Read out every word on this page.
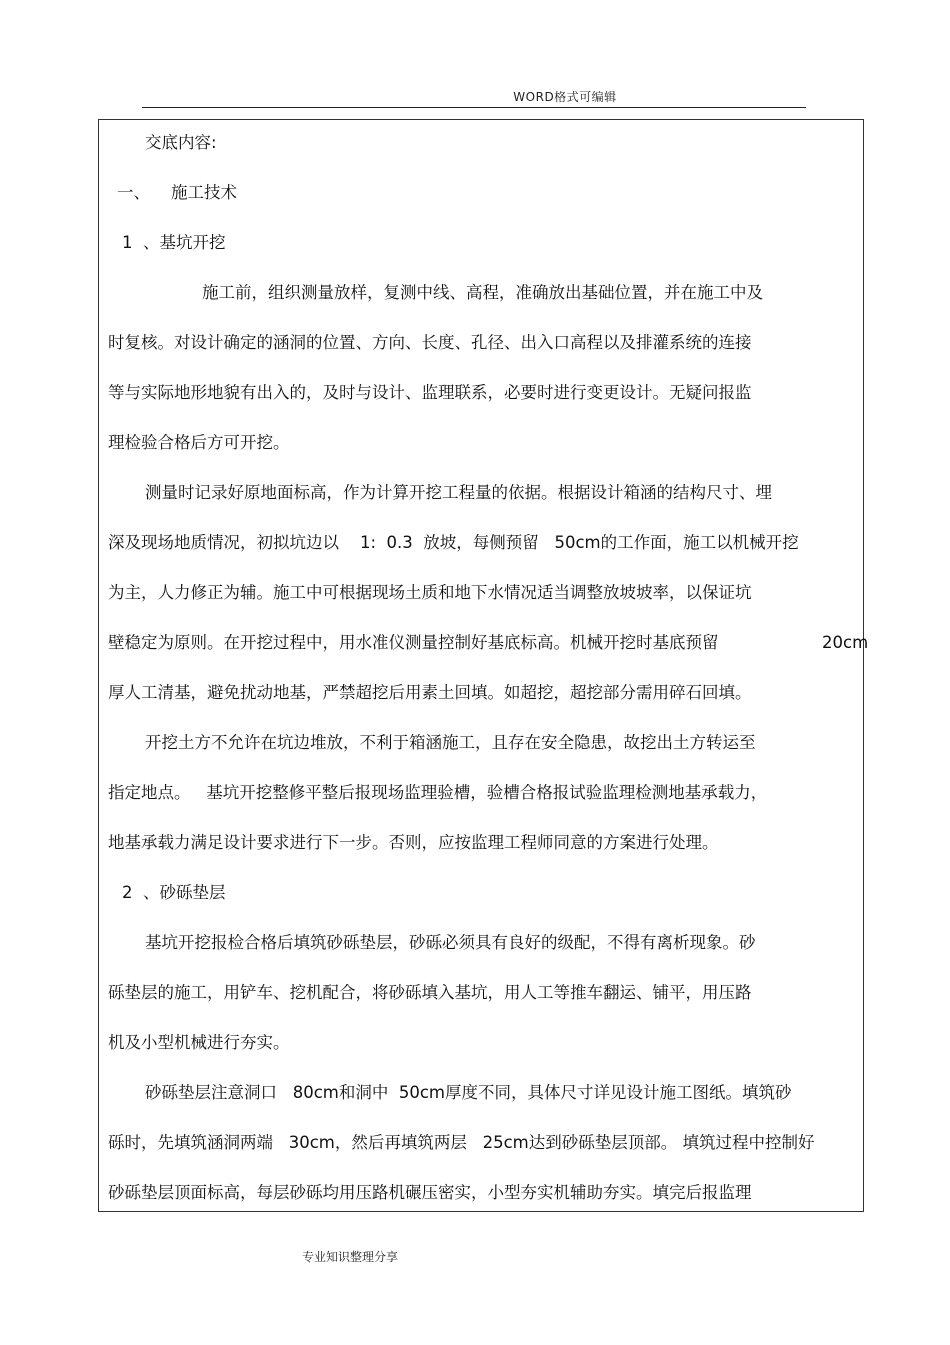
WORD格式可编辑
交底内容:
一、    施工技术
1  、基坑开挖
施工前，组织测量放样，复测中线、高程，准确放出基础位置，并在施工中及
时复核。对设计确定的涵洞的位置、方向、长度、孔径、出入口高程以及排灌系统的连接
等与实际地形地貌有出入的，及时与设计、监理联系，必要时进行变更设计。无疑问报监
理检验合格后方可开挖。
测量时记录好原地面标高，作为计算开挖工程量的依据。根据设计箱涵的结构尺寸、埋
深及现场地质情况，初拟坑边以    1:  0.3  放坡，每侧预留   50cm的工作面，施工以机械开挖
为主，人力修正为辅。施工中可根据现场土质和地下水情况适当调整放坡坡率，以保证坑
壁稳定为原则。在开挖过程中，用水准仪测量控制好基底标高。机械开挖时基底预留	20cm
厚人工清基，避免扰动地基，严禁超挖后用素土回填。如超挖，超挖部分需用碎石回填。
开挖土方不允许在坑边堆放，不利于箱涵施工，且存在安全隐患，故挖出土方转运至
指定地点。   基坑开挖整修平整后报现场监理验槽，验槽合格报试验监理检测地基承载力，
地基承载力满足设计要求进行下一步。否则，应按监理工程师同意的方案进行处理。
2  、砂砾垫层
基坑开挖报检合格后填筑砂砾垫层，砂砾必须具有良好的级配，不得有离析现象。砂
砾垫层的施工，用铲车、挖机配合，将砂砾填入基坑，用人工等推车翻运、铺平，用压路
机及小型机械进行夯实。
砂砾垫层注意洞口   80cm和洞中  50cm厚度不同，具体尺寸详见设计施工图纸。填筑砂
砾时，先填筑涵洞两端   30cm，然后再填筑两层   25cm达到砂砾垫层顶部。 填筑过程中控制好
砂砾垫层顶面标高，每层砂砾均用压路机碾压密实，小型夯实机辅助夯实。填完后报监理
专业知识整理分享
